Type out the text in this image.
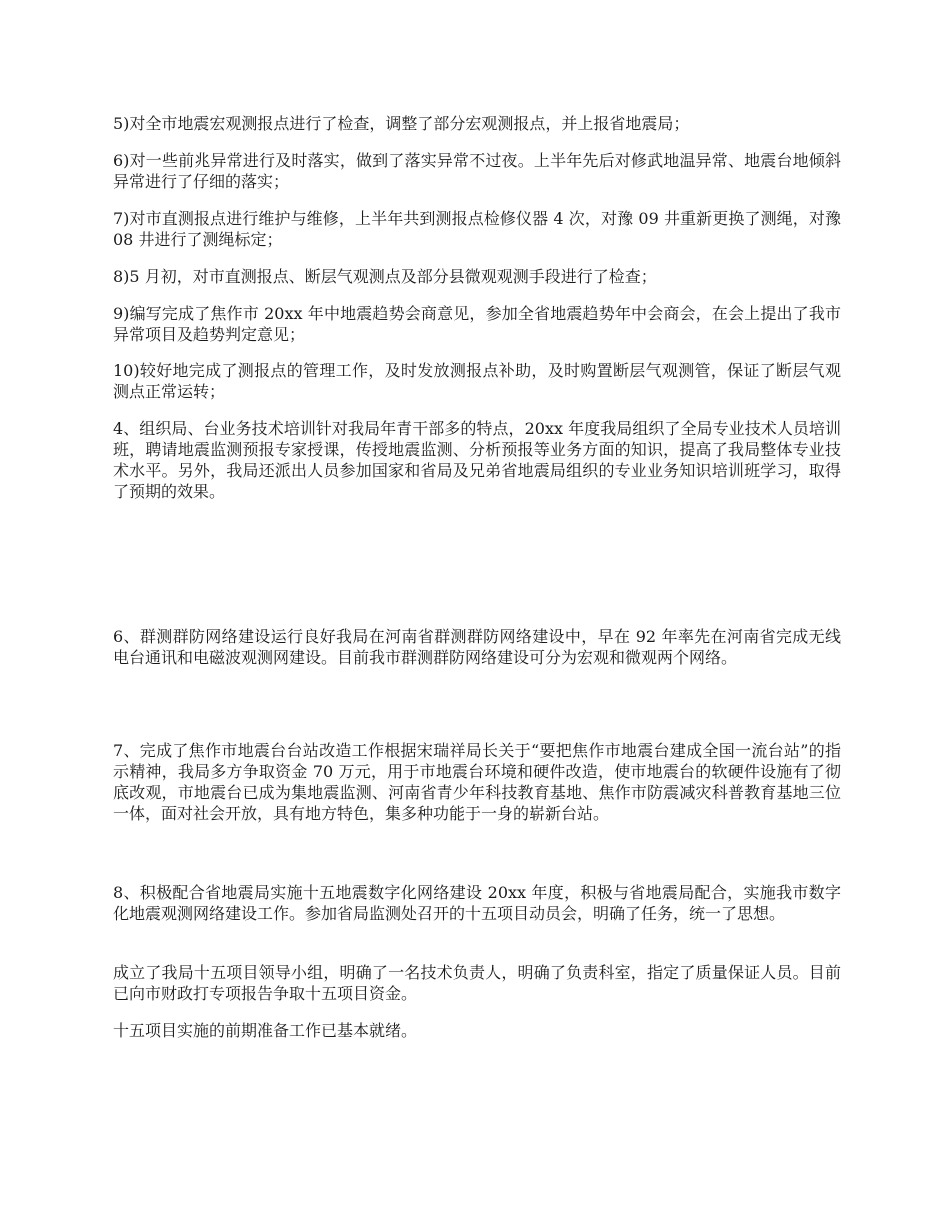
5)对全市地震宏观测报点进行了检查，调整了部分宏观测报点，并上报省地震局；

6)对一些前兆异常进行及时落实，做到了落实异常不过夜。上半年先后对修武地温异常、地震台地倾斜异常进行了仔细的落实；

7)对市直测报点进行维护与维修，上半年共到测报点检修仪器 4 次，对豫 09 井重新更换了测绳，对豫 08 井进行了测绳标定；

8)5 月初，对市直测报点、断层气观测点及部分县微观观测手段进行了检查；

9)编写完成了焦作市 20xx 年中地震趋势会商意见，参加全省地震趋势年中会商会，在会上提出了我市异常项目及趋势判定意见；

10)较好地完成了测报点的管理工作，及时发放测报点补助，及时购置断层气观测管，保证了断层气观测点正常运转；

4、组织局、台业务技术培训针对我局年青干部多的特点，20xx 年度我局组织了全局专业技术人员培训班，聘请地震监测预报专家授课，传授地震监测、分析预报等业务方面的知识，提高了我局整体专业技术水平。另外，我局还派出人员参加国家和省局及兄弟省地震局组织的专业业务知识培训班学习，取得了预期的效果。

6、群测群防网络建设运行良好我局在河南省群测群防网络建设中，早在 92 年率先在河南省完成无线电台通讯和电磁波观测网建设。目前我市群测群防网络建设可分为宏观和微观两个网络。

7、完成了焦作市地震台台站改造工作根据宋瑞祥局长关于“要把焦作市地震台建成全国一流台站”的指示精神，我局多方争取资金 70 万元，用于市地震台环境和硬件改造，使市地震台的软硬件设施有了彻底改观，市地震台已成为集地震监测、河南省青少年科技教育基地、焦作市防震减灾科普教育基地三位一体，面对社会开放，具有地方特色，集多种功能于一身的崭新台站。

8、积极配合省地震局实施十五地震数字化网络建设 20xx 年度，积极与省地震局配合，实施我市数字化地震观测网络建设工作。参加省局监测处召开的十五项目动员会，明确了任务，统一了思想。

成立了我局十五项目领导小组，明确了一名技术负责人，明确了负责科室，指定了质量保证人员。目前已向市财政打专项报告争取十五项目资金。

十五项目实施的前期准备工作已基本就绪。
